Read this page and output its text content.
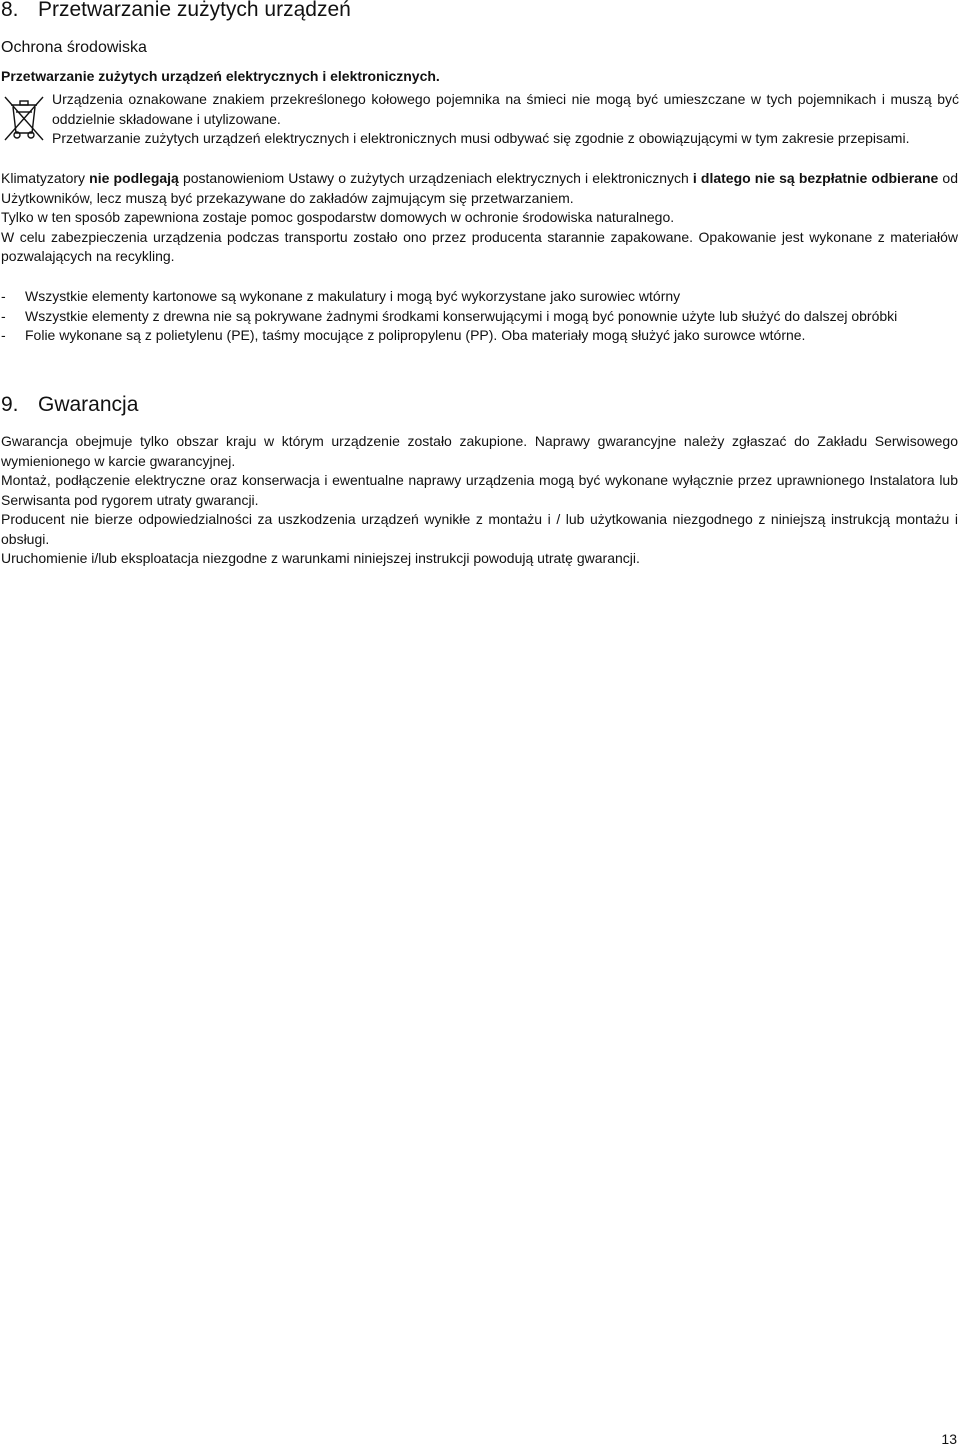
8. Przetwarzanie zużytych urządzeń
Ochrona środowiska

Przetwarzanie zużytych urządzeń elektrycznych i elektronicznych.

Urządzenia oznakowane znakiem przekreślonego kołowego pojemnika na śmieci nie mogą być umieszczane w tych pojemnikach i muszą być oddzielnie składowane i utylizowane.

Przetwarzanie zużytych urządzeń elektrycznych i elektronicznych musi odbywać się zgodnie z obowiązującymi w tym zakresie przepisami.

Klimatyzatory nie podlegają postanowieniom Ustawy o zużytych urządzeniach elektrycznych i elektronicznych i dlatego nie są bezpłatnie odbierane od Użytkowników, lecz muszą być przekazywane do zakładów zajmującym się przetwarzaniem.

Tylko w ten sposób zapewniona zostaje pomoc gospodarstw domowych w ochronie środowiska naturalnego.

W celu zabezpieczenia urządzenia podczas transportu zostało ono przez producenta starannie zapakowane. Opakowanie jest wykonane z materiałów pozwalających na recykling.

- Wszystkie elementy kartonowe są wykonane z makulatury i mogą być wykorzystane jako surowiec wtórny
- Wszystkie elementy z drewna nie są pokrywane żadnymi środkami konserwującymi i mogą być ponownie użyte lub służyć do dalszej obróbki
- Folie wykonane są z polietylenu (PE), taśmy mocujące z polipropylenu (PP). Oba materiały mogą służyć jako surowce wtórne.
9. Gwarancja

Gwarancja obejmuje tylko obszar kraju w którym urządzenie zostało zakupione. Naprawy gwarancyjne należy zgłaszać do Zakładu Serwisowego wymienionego w karcie gwarancyjnej.

Montaż, podłączenie elektryczne oraz konserwacja i ewentualne naprawy urządzenia mogą być wykonane wyłącznie przez uprawnionego Instalatora lub Serwisanta pod rygorem utraty gwarancji.

Producent nie bierze odpowiedzialności za uszkodzenia urządzeń wynikłe z montażu i / lub użytkowania niezgodnego z niniejszą instrukcją montażu i obsługi.

Uruchomienie i/lub eksploatacja niezgodne z warunkami niniejszej instrukcji powodują utratę gwarancji.

13
